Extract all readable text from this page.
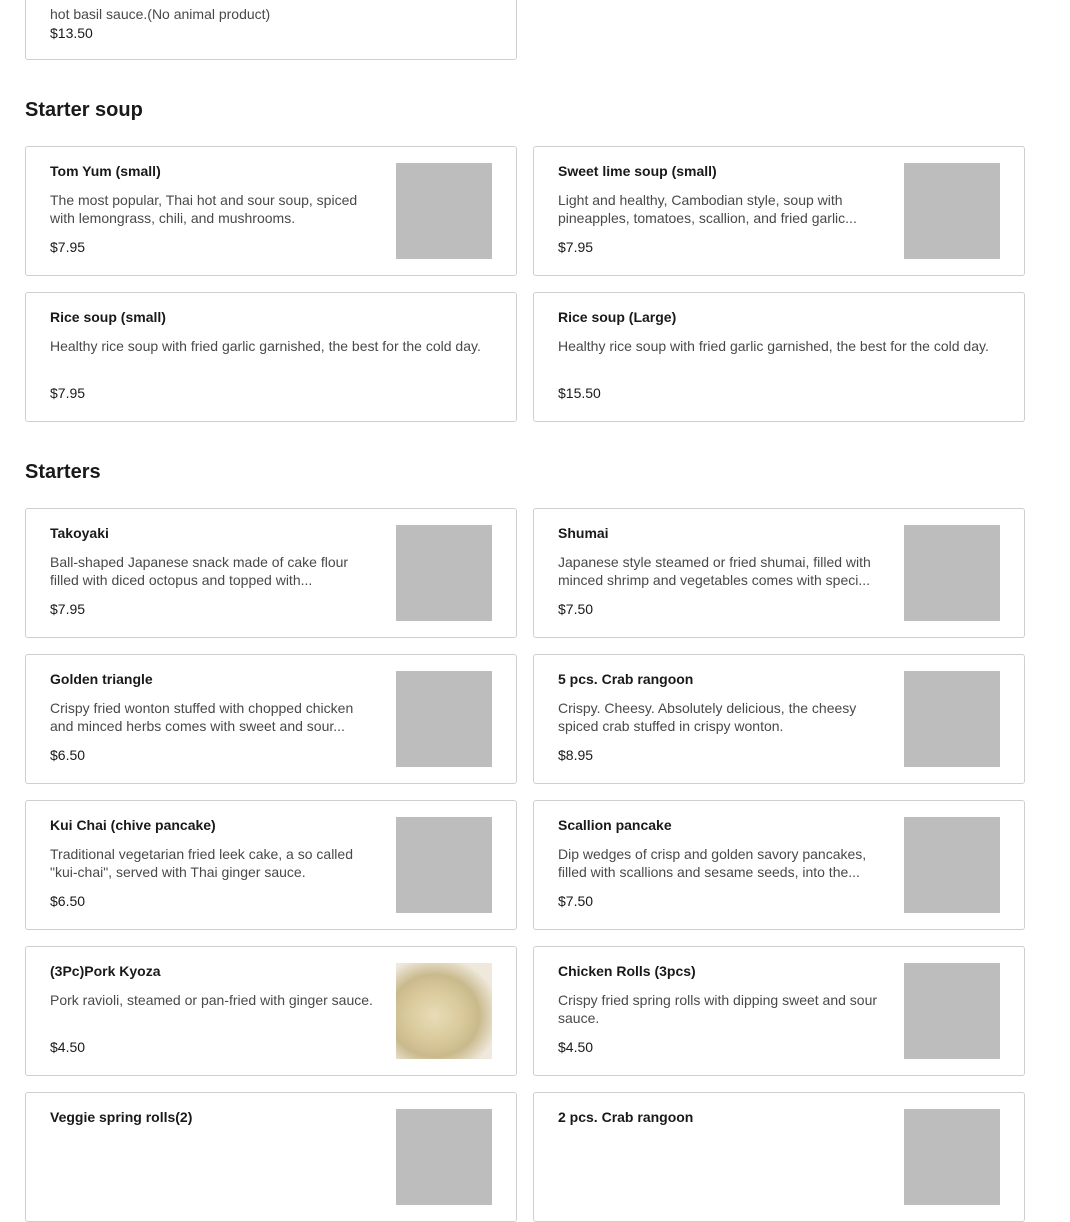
hot basil sauce.(No animal product)
$13.50
Starter soup
Tom Yum (small)
The most popular, Thai hot and sour soup, spiced with lemongrass, chili, and mushrooms.
$7.95
Sweet lime soup (small)
Light and healthy, Cambodian style, soup with pineapples, tomatoes, scallion, and fried garlic...
$7.95
Rice soup (small)
Healthy rice soup with fried garlic garnished, the best for the cold day.
$7.95
Rice soup (Large)
Healthy rice soup with fried garlic garnished, the best for the cold day.
$15.50
Starters
Takoyaki
Ball-shaped Japanese snack made of cake flour filled with diced octopus and topped with...
$7.95
Shumai
Japanese style steamed or fried shumai, filled with minced shrimp and vegetables comes with speci...
$7.50
Golden triangle
Crispy fried wonton stuffed with chopped chicken and minced herbs comes with sweet and sour...
$6.50
5 pcs. Crab rangoon
Crispy. Cheesy. Absolutely delicious, the cheesy spiced crab stuffed in crispy wonton.
$8.95
Kui Chai (chive pancake)
Traditional vegetarian fried leek cake, a so called "kui-chai", served with Thai ginger sauce.
$6.50
Scallion pancake
Dip wedges of crisp and golden savory pancakes, filled with scallions and sesame seeds, into the...
$7.50
(3Pc)Pork Kyoza
Pork ravioli, steamed or pan-fried with ginger sauce.
$4.50
Chicken Rolls (3pcs)
Crispy fried spring rolls with dipping sweet and sour sauce.
$4.50
Veggie spring rolls(2)	2 pcs. Crab rangoon
